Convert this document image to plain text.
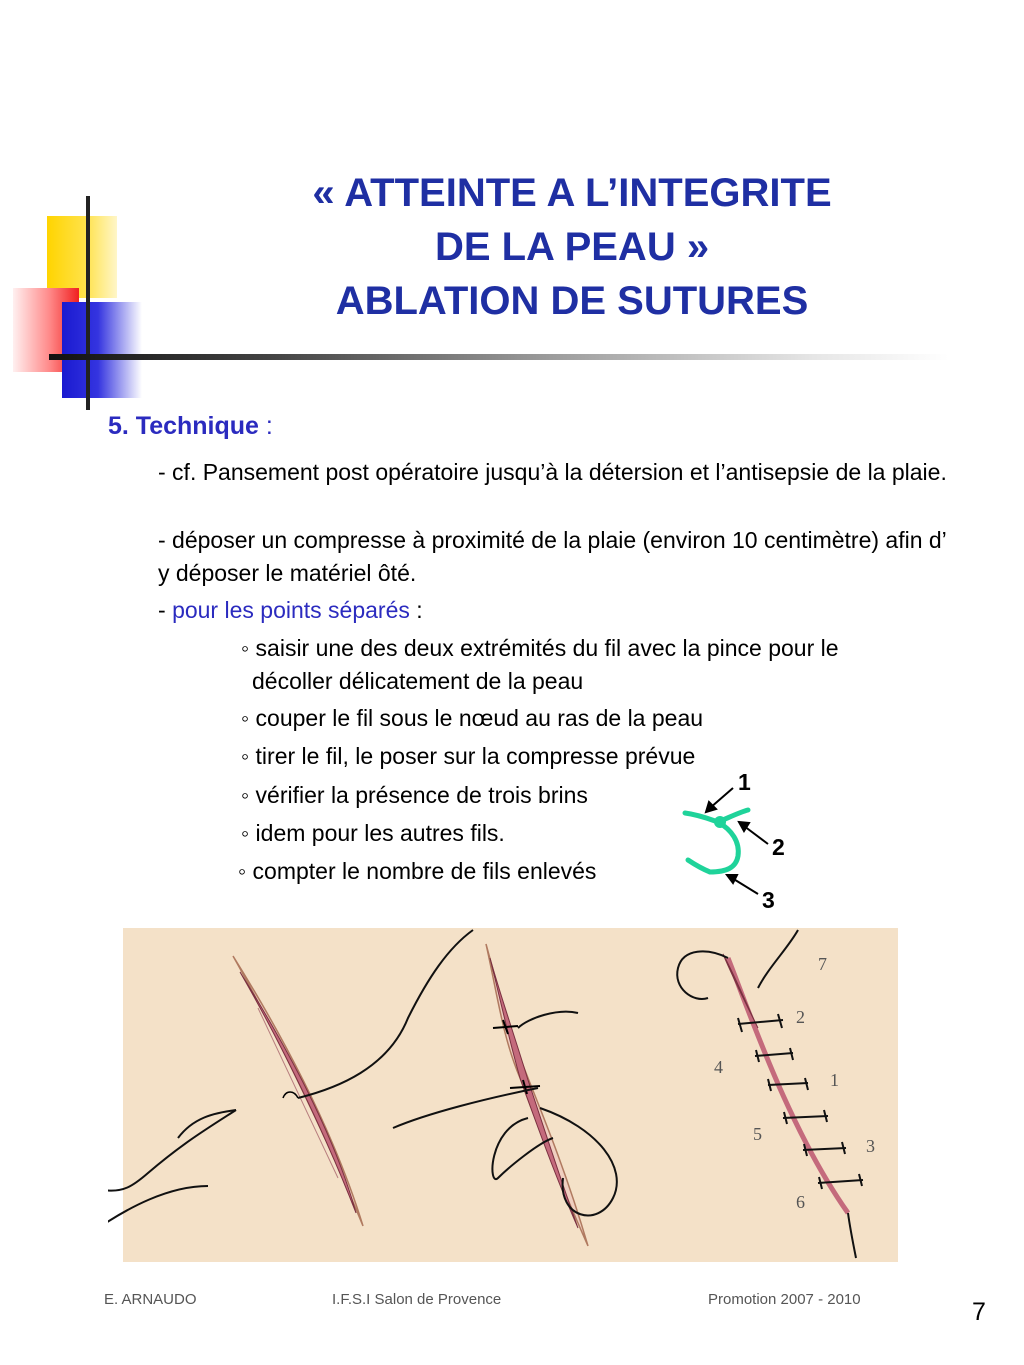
« ATTEINTE A L’INTEGRITE
DE LA PEAU »
ABLATION DE SUTURES
5. Technique :
- cf. Pansement post opératoire jusqu’à la détersion et l’antisepsie de la plaie.
- déposer un compresse à proximité de la plaie (environ 10 centimètre) afin d’ y déposer le matériel ôté.
- pour les points séparés :
◦ saisir une des deux extrémités du fil avec la pince pour le
décoller délicatement de la peau
◦ couper le fil sous le nœud au ras de la peau
◦ tirer le fil, le poser sur la compresse prévue
◦ vérifier la présence de trois brins
◦ idem pour les autres fils.
◦ compter le nombre de fils enlevés
1
2
3
7
2
4
1
5
3
6
E. ARNAUDO	I.F.S.I Salon de Provence	Promotion 2007 - 2010	7
